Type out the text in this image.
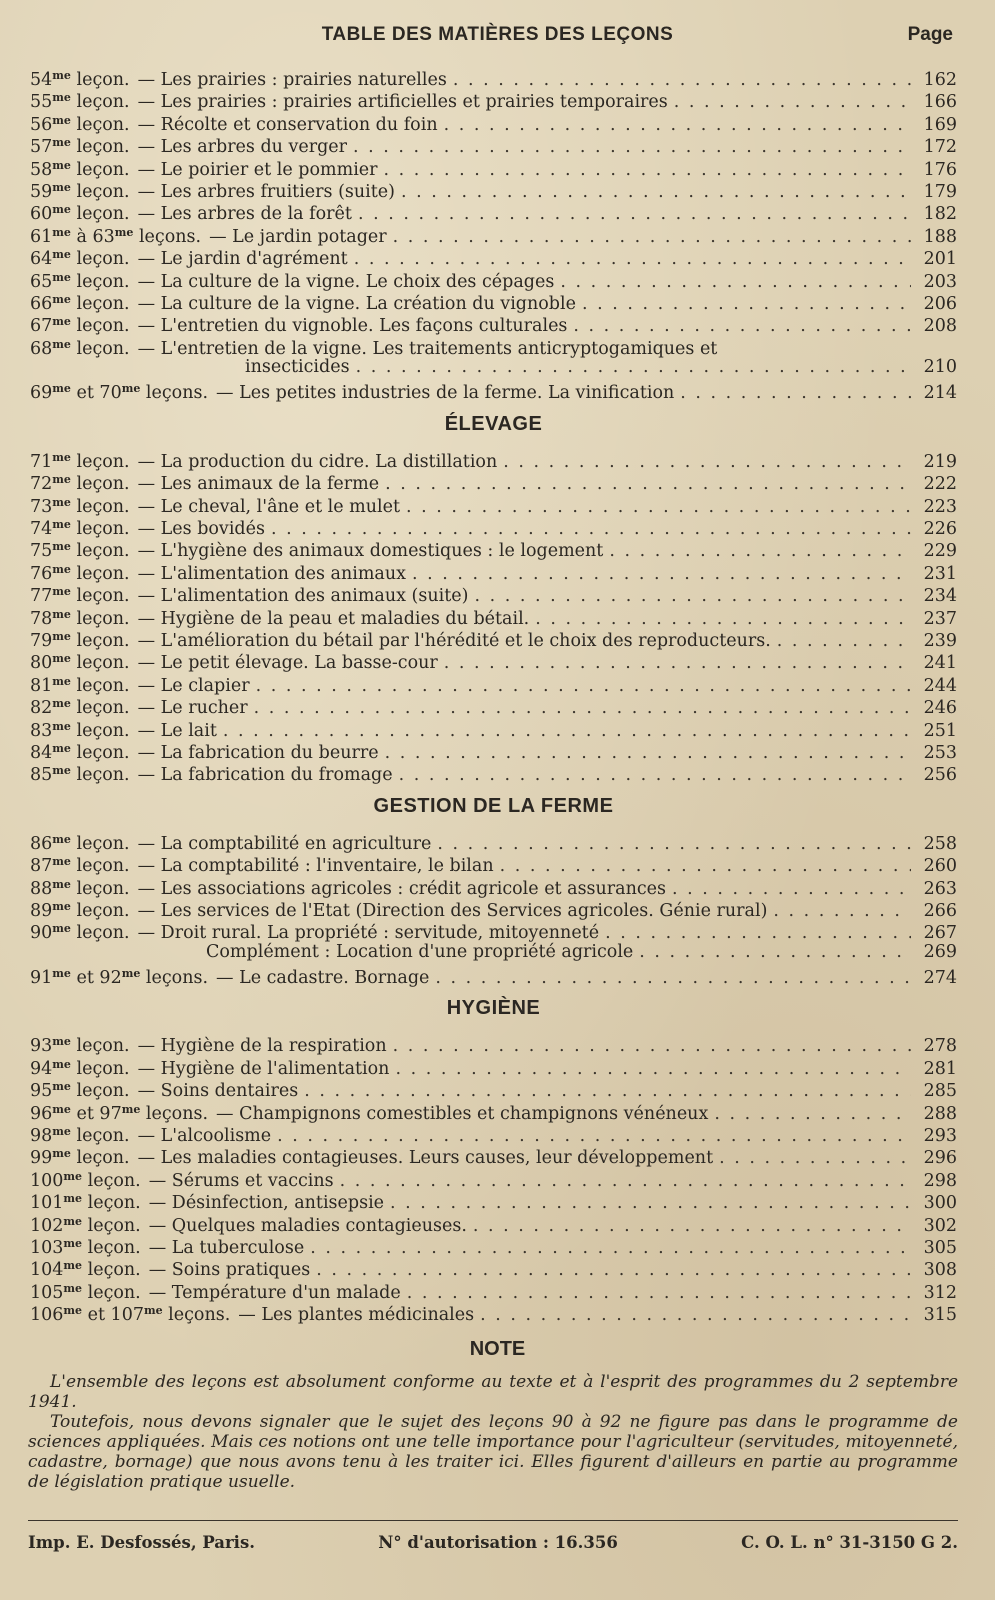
TABLE DES MATIÈRES DES LEÇONS	Page
$54^{me}$ leçon. — Les prairies : prairies naturelles . . .	162
$55^{me}$ leçon. — Les prairies : prairies artificielles et prairies temporaires . . .	166
$56^{me}$ leçon. — Récolte et conservation du foin . . .	169
$57^{me}$ leçon. — Les arbres du verger . . .	172
$58^{me}$ leçon. — Le poirier et le pommier . . .	176
$59^{me}$ leçon. — Les arbres fruitiers (suite) . . .	179
$60^{me}$ leçon. — Les arbres de la forêt . . .	182
$61^{me}$ à $63^{me}$ leçons. — Le jardin potager . . .	188
$64^{me}$ leçon. — Le jardin d'agrément . . .	201
$65^{me}$ leçon. — La culture de la vigne. Le choix des cépages . . .	203
$66^{me}$ leçon. — La culture de la vigne. La création du vignoble . . .	206
$67^{me}$ leçon. — L'entretien du vignoble. Les façons culturales . . .	208
$68^{me}$ leçon. — L'entretien de la vigne. Les traitements anticryptogamiques et
insecticides . . .	210
$69^{me}$ et $70^{me}$ leçons. — Les petites industries de la ferme. La vinification . . .	214
ÉLEVAGE
$71^{me}$ leçon. — La production du cidre. La distillation . . .	219
$72^{me}$ leçon. — Les animaux de la ferme . . .	222
$73^{me}$ leçon. — Le cheval, l'âne et le mulet . . .	223
$74^{me}$ leçon. — Les bovidés . . .	226
$75^{me}$ leçon. — L'hygiène des animaux domestiques : le logement . . .	229
$76^{me}$ leçon. — L'alimentation des animaux . . .	231
$77^{me}$ leçon. — L'alimentation des animaux (suite) . . .	234
$78^{me}$ leçon. — Hygiène de la peau et maladies du bétail. . . .	237
$79^{me}$ leçon. — L'amélioration du bétail par l'hérédité et le choix des reproducteurs. . . .	239
$80^{me}$ leçon. — Le petit élevage. La basse-cour . . .	241
$81^{me}$ leçon. — Le clapier . . .	244
$82^{me}$ leçon. — Le rucher . . .	246
$83^{me}$ leçon. — Le lait . . .	251
$84^{me}$ leçon. — La fabrication du beurre . . .	253
$85^{me}$ leçon. — La fabrication du fromage . . .	256
GESTION DE LA FERME
$86^{me}$ leçon. — La comptabilité en agriculture . . .	258
$87^{me}$ leçon. — La comptabilité : l'inventaire, le bilan . . .	260
$88^{me}$ leçon. — Les associations agricoles : crédit agricole et assurances . . .	263
$89^{me}$ leçon. — Les services de l'Etat (Direction des Services agricoles. Génie rural) . . .	266
$90^{me}$ leçon. — Droit rural. La propriété : servitude, mitoyenneté . . .	267
Complément : Location d'une propriété agricole . . .	269
$91^{me}$ et $92^{me}$ leçons. — Le cadastre. Bornage . . .	274
HYGIÈNE
$93^{me}$ leçon. — Hygiène de la respiration . . .	278
$94^{me}$ leçon. — Hygiène de l'alimentation . . .	281
$95^{me}$ leçon. — Soins dentaires . . .	285
$96^{me}$ et $97^{me}$ leçons. — Champignons comestibles et champignons vénéneux . . .	288
$98^{me}$ leçon. — L'alcoolisme . . .	293
$99^{me}$ leçon. — Les maladies contagieuses. Leurs causes, leur développement . . .	296
$100^{me}$ leçon. — Sérums et vaccins . . .	298
$101^{me}$ leçon. — Désinfection, antisepsie . . .	300
$102^{me}$ leçon. — Quelques maladies contagieuses. . . .	302
$103^{me}$ leçon. — La tuberculose . . .	305
$104^{me}$ leçon. — Soins pratiques . . .	308
$105^{me}$ leçon. — Température d'un malade . . .	312
$106^{me}$ et $107^{me}$ leçons. — Les plantes médicinales . . .	315
NOTE

L'ensemble des leçons est absolument conforme au texte et à l'esprit des programmes du 2 septembre 1941.

Toutefois, nous devons signaler que le sujet des leçons 90 à 92 ne figure pas dans le programme de sciences appliquées. Mais ces notions ont une telle importance pour l'agriculteur (servitudes, mitoyenneté, cadastre, bornage) que nous avons tenu à les traiter ici. Elles figurent d'ailleurs en partie au programme de législation pratique usuelle.

Imp. E. Desfossés, Paris.	N° d'autorisation : 16.356	C. O. L. n° 31-3150 G 2.
